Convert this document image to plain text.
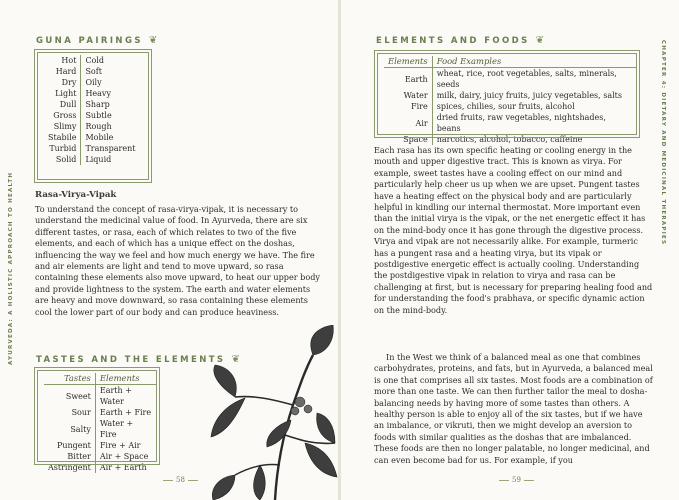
AYURVEDA: A HOLISTIC APPROACH TO HEALTH
CHAPTER 4: DIETARY AND MEDICINAL THERAPIES
GUNA PAIRINGS ❦
Hot	Cold
Hard	Soft
Dry	Oily
Light	Heavy
Dull	Sharp
Gross	Subtle
Slimy	Rough
Stabile	Mobile
Turbid	Transparent
Solid	Liquid
Rasa-Virya-Vipak
To understand the concept of rasa-virya-vipak, it is necessary to understand the medicinal value of food. In Ayurveda, there are six different tastes, or rasa, each of which relates to two of the five elements, and each of which has a unique effect on the doshas, influencing the way we feel and how much energy we have. The fire and air elements are light and tend to move upward, so rasa containing these elements also move upward, to heat our upper body and provide lightness to the system. The earth and water elements are heavy and move downward, so rasa containing these elements cool the lower part of our body and can produce heaviness.
TASTES AND THE ELEMENTS ❦
Tastes	Elements
Sweet	Earth + Water
Sour	Earth + Fire
Salty	Water + Fire
Pungent	Fire + Air
Bitter	Air + Space
Astringent	Air + Earth
58
ELEMENTS AND FOODS ❦
Elements	Food Examples
Earth	wheat, rice, root vegetables, salts, minerals, seeds
Water	milk, dairy, juicy fruits, juicy vegetables, salts
Fire	spices, chilies, sour fruits, alcohol
Air	dried fruits, raw vegetables, nightshades, beans
Space	narcotics, alcohol, tobacco, caffeine
Each rasa has its own specific heating or cooling energy in the mouth and upper digestive tract. This is known as virya. For example, sweet tastes have a cooling effect on our mind and particularly help cheer us up when we are upset. Pungent tastes have a heating effect on the physical body and are particularly helpful in kindling our internal thermostat. More important even than the initial virya is the vipak, or the net energetic effect it has on the mind-body once it has gone through the digestive process. Virya and vipak are not necessarily alike. For example, turmeric has a pungent rasa and a heating virya, but its vipak or postdigestive energetic effect is actually cooling. Understanding the postdigestive vipak in relation to virya and rasa can be challenging at first, but is necessary for preparing healing food and for understanding the food's prabhava, or specific dynamic action on the mind-body.
In the West we think of a balanced meal as one that combines carbohydrates, proteins, and fats, but in Ayurveda, a balanced meal is one that comprises all six tastes. Most foods are a combination of more than one taste. We can then further tailor the meal to dosha-balancing needs by having more of some tastes than others. A healthy person is able to enjoy all of the six tastes, but if we have an imbalance, or vikruti, then we might develop an aversion to foods with similar qualities as the doshas that are imbalanced. These foods are then no longer palatable, no longer medicinal, and can even become bad for us. For example, if you
59
